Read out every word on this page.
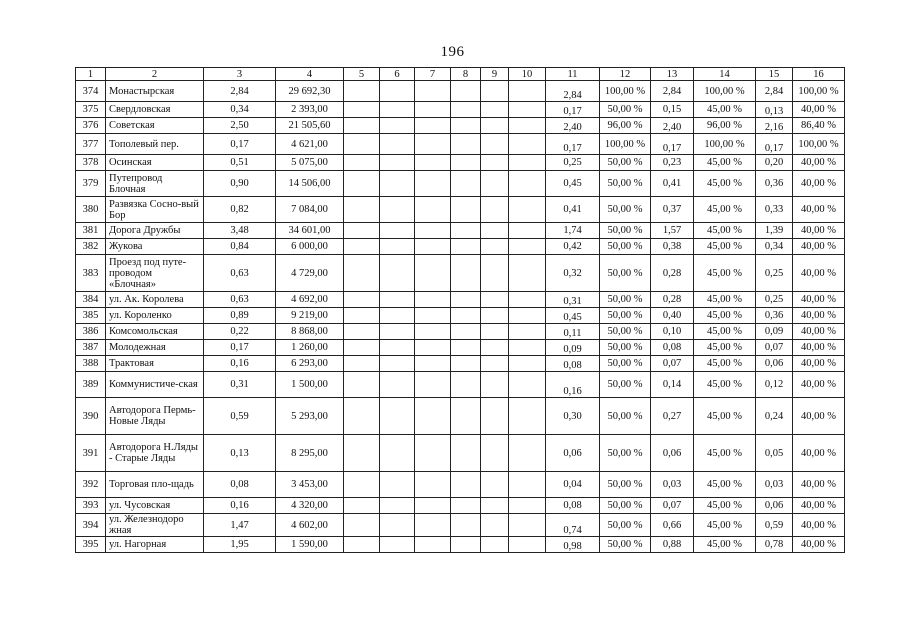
196
1	2	3	4	5	6	7	8	9	10	11	12	13	14	15	16
374	Монастырская	2,84	29 692,30							2,84	100,00 %	2,84	100,00 %	2,84	100,00 %
375	Свердловская	0,34	2 393,00							0,17	50,00 %	0,15	45,00 %	0,13	40,00 %
376	Советская	2,50	21 505,60							2,40	96,00 %	2,40	96,00 %	2,16	86,40 %
377	Тополевый пер.	0,17	4 621,00							0,17	100,00 %	0,17	100,00 %	0,17	100,00 %
378	Осинская	0,51	5 075,00							0,25	50,00 %	0,23	45,00 %	0,20	40,00 %
379	Путепровод Блочная	0,90	14 506,00							0,45	50,00 %	0,41	45,00 %	0,36	40,00 %
380	Развязка Сосно-вый Бор	0,82	7 084,00							0,41	50,00 %	0,37	45,00 %	0,33	40,00 %
381	Дорога Дружбы	3,48	34 601,00							1,74	50,00 %	1,57	45,00 %	1,39	40,00 %
382	Жукова	0,84	6 000,00							0,42	50,00 %	0,38	45,00 %	0,34	40,00 %
383	Проезд под путе-проводом «Блочная»	0,63	4 729,00							0,32	50,00 %	0,28	45,00 %	0,25	40,00 %
384	ул. Ак. Королева	0,63	4 692,00							0,31	50,00 %	0,28	45,00 %	0,25	40,00 %
385	ул. Короленко	0,89	9 219,00							0,45	50,00 %	0,40	45,00 %	0,36	40,00 %
386	Комсомольская	0,22	8 868,00							0,11	50,00 %	0,10	45,00 %	0,09	40,00 %
387	Молодежная	0,17	1 260,00							0,09	50,00 %	0,08	45,00 %	0,07	40,00 %
388	Трактовая	0,16	6 293,00							0,08	50,00 %	0,07	45,00 %	0,06	40,00 %
389	Коммунистиче-ская	0,31	1 500,00							0,16	50,00 %	0,14	45,00 %	0,12	40,00 %
390	Автодорога Пермь-Новые Ляды	0,59	5 293,00							0,30	50,00 %	0,27	45,00 %	0,24	40,00 %
391	Автодорога Н.Ляды - Старые Ляды	0,13	8 295,00							0,06	50,00 %	0,06	45,00 %	0,05	40,00 %
392	Торговая пло-щадь	0,08	3 453,00							0,04	50,00 %	0,03	45,00 %	0,03	40,00 %
393	ул. Чусовская	0,16	4 320,00							0,08	50,00 %	0,07	45,00 %	0,06	40,00 %
394	ул. Железнодоро жная	1,47	4 602,00							0,74	50,00 %	0,66	45,00 %	0,59	40,00 %
395	ул. Нагорная	1,95	1 590,00							0,98	50,00 %	0,88	45,00 %	0,78	40,00 %
